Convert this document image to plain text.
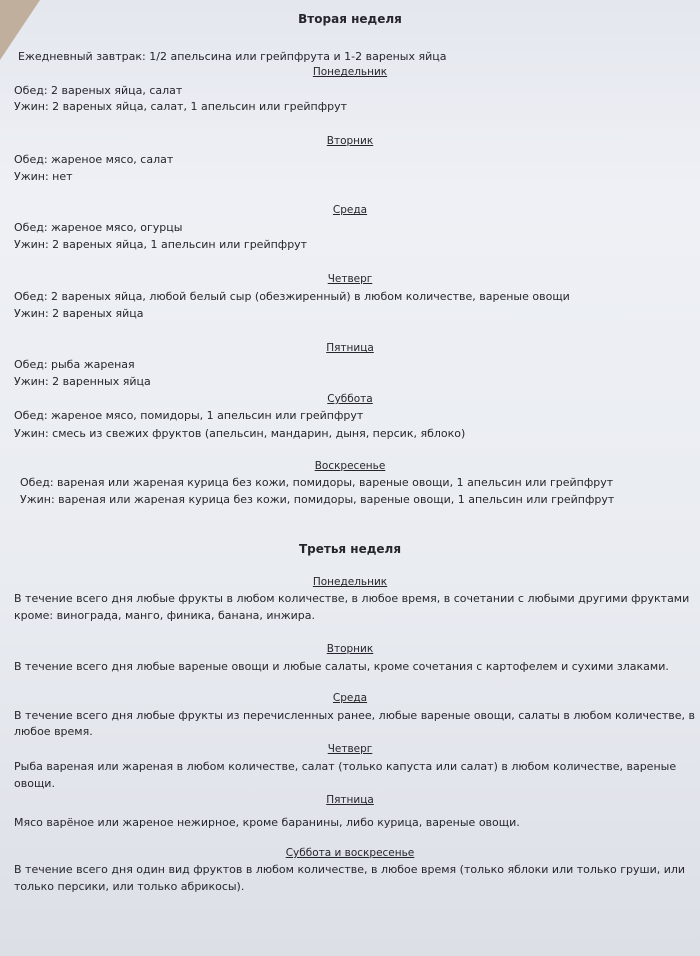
Вторая неделя

Ежедневный завтрак: 1/2 апельсина или грейпфрута и 1-2 вареных яйца

Понедельник

Обед: 2 вареных яйца, салат

Ужин: 2 вареных яйца, салат, 1 апельсин или грейпфрут

Вторник

Обед: жареное мясо, салат

Ужин: нет

Среда

Обед: жареное мясо, огурцы

Ужин: 2 вареных яйца, 1 апельсин или грейпфрут

Четверг

Обед: 2 вареных яйца, любой белый сыр (обезжиренный) в любом количестве, вареные овощи

Ужин: 2 вареных яйца

Пятница

Обед: рыба жареная

Ужин: 2 варенных яйца

Суббота

Обед: жареное мясо, помидоры, 1 апельсин или грейпфрут

Ужин: смесь из свежих фруктов (апельсин, мандарин, дыня, персик, яблоко)

Воскресенье

Обед: вареная или жареная курица без кожи, помидоры, вареные овощи, 1 апельсин или грейпфрут

Ужин: вареная или жареная курица без кожи, помидоры, вареные овощи, 1 апельсин или грейпфрут

Третья неделя

Понедельник

В течение всего дня любые фрукты в любом количестве, в любое время, в сочетании с любыми другими фруктами

кроме: винограда, манго, финика, банана, инжира.

Вторник

В течение всего дня любые вареные овощи и любые салаты, кроме сочетания с картофелем и сухими злаками.

Среда

В течение всего дня любые фрукты из перечисленных ранее, любые вареные овощи, салаты в любом количестве, в

любое время.

Четверг

Рыба вареная или жареная в любом количестве, салат (только капуста или салат) в любом количестве, вареные

овощи.

Пятница

Мясо варёное или жареное нежирное, кроме баранины, либо курица, вареные овощи.

Суббота и воскресенье

В течение всего дня один вид фруктов в любом количестве, в любое время (только яблоки или только груши, или

только персики, или только абрикосы).
